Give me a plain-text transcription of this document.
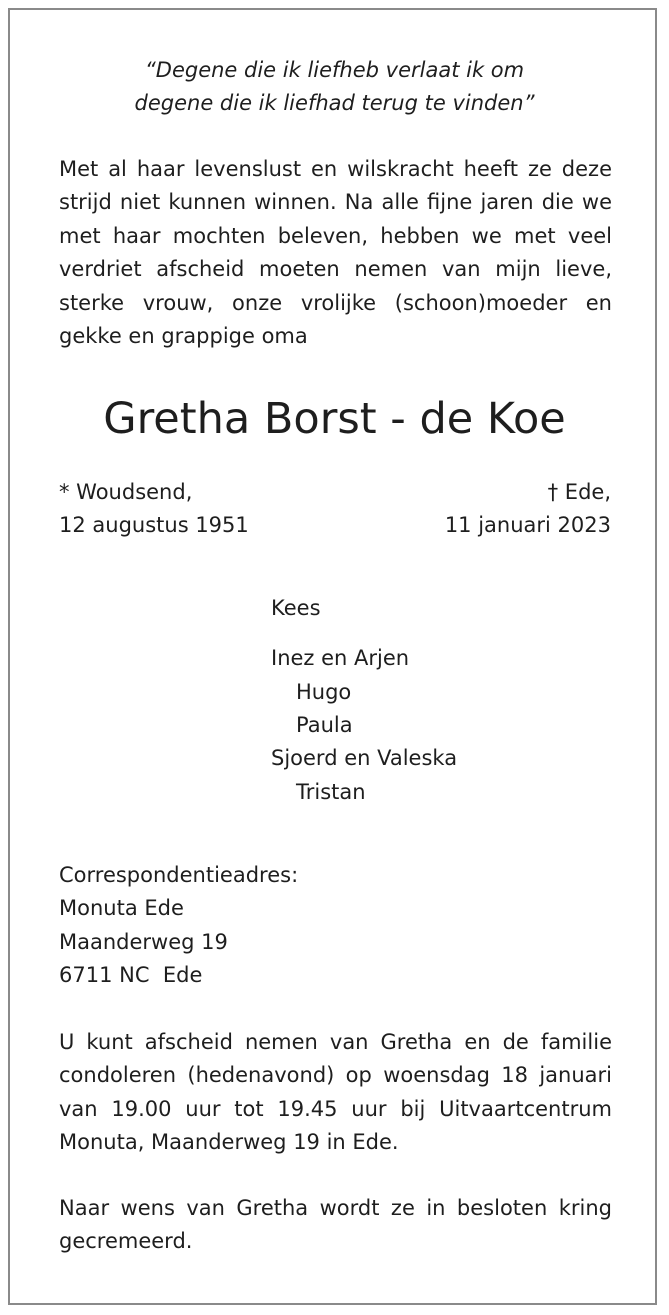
“Degene die ik liefheb verlaat ik om
degene die ik liefhad terug te vinden”
Met al haar levenslust en wilskracht heeft ze deze strijd niet kunnen winnen. Na alle fijne jaren die we met haar mochten beleven, hebben we met veel verdriet afscheid moeten nemen van mijn lieve, sterke vrouw, onze vrolijke (schoon)moeder en gekke en grappige oma
Gretha Borst - de Koe
* Woudsend,
12 augustus 1951
† Ede,
11 januari 2023
Kees
Inez en Arjen
Hugo
Paula
Sjoerd en Valeska
Tristan
Correspondentieadres:
Monuta Ede
Maanderweg 19
6711 NC  Ede
U kunt afscheid nemen van Gretha en de familie condoleren (hedenavond) op woensdag 18 januari van 19.00 uur tot 19.45 uur bij Uitvaartcentrum Monuta, Maanderweg 19 in Ede.
Naar wens van Gretha wordt ze in besloten kring gecremeerd.
